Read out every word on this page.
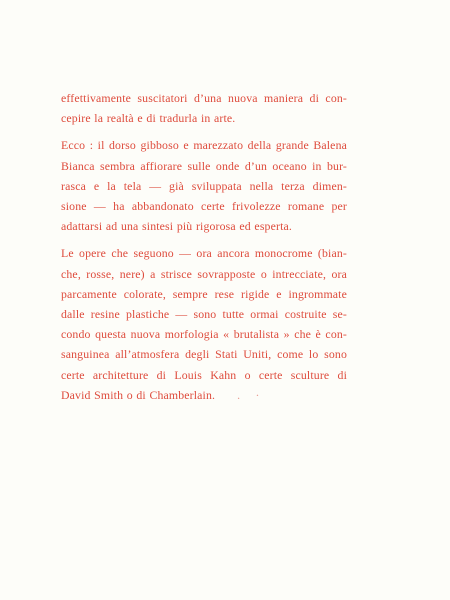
effettivamente suscitatori d’una nuova maniera di con-
cepire la realtà e di tradurla in arte.

Ecco : il dorso gibboso e marezzato della grande Balena
Bianca sembra affiorare sulle onde d’un oceano in bur-
rasca e la tela — già sviluppata nella terza dimen-
sione — ha abbandonato certe frivolezze romane per
adattarsi ad una sintesi più rigorosa ed esperta.

Le opere che seguono — ora ancora monocrome (bian-
che, rosse, nere) a strisce sovrapposte o intrecciate, ora
parcamente colorate, sempre rese rigide e ingrommate
dalle resine plastiche — sono tutte ormai costruite se-
condo questa nuova morfologia « brutalista » che è con-
sanguinea all’atmosfera degli Stati Uniti, come lo sono
certe architetture di Louis Kahn o certe sculture di
David Smith o di Chamberlain. . ·
